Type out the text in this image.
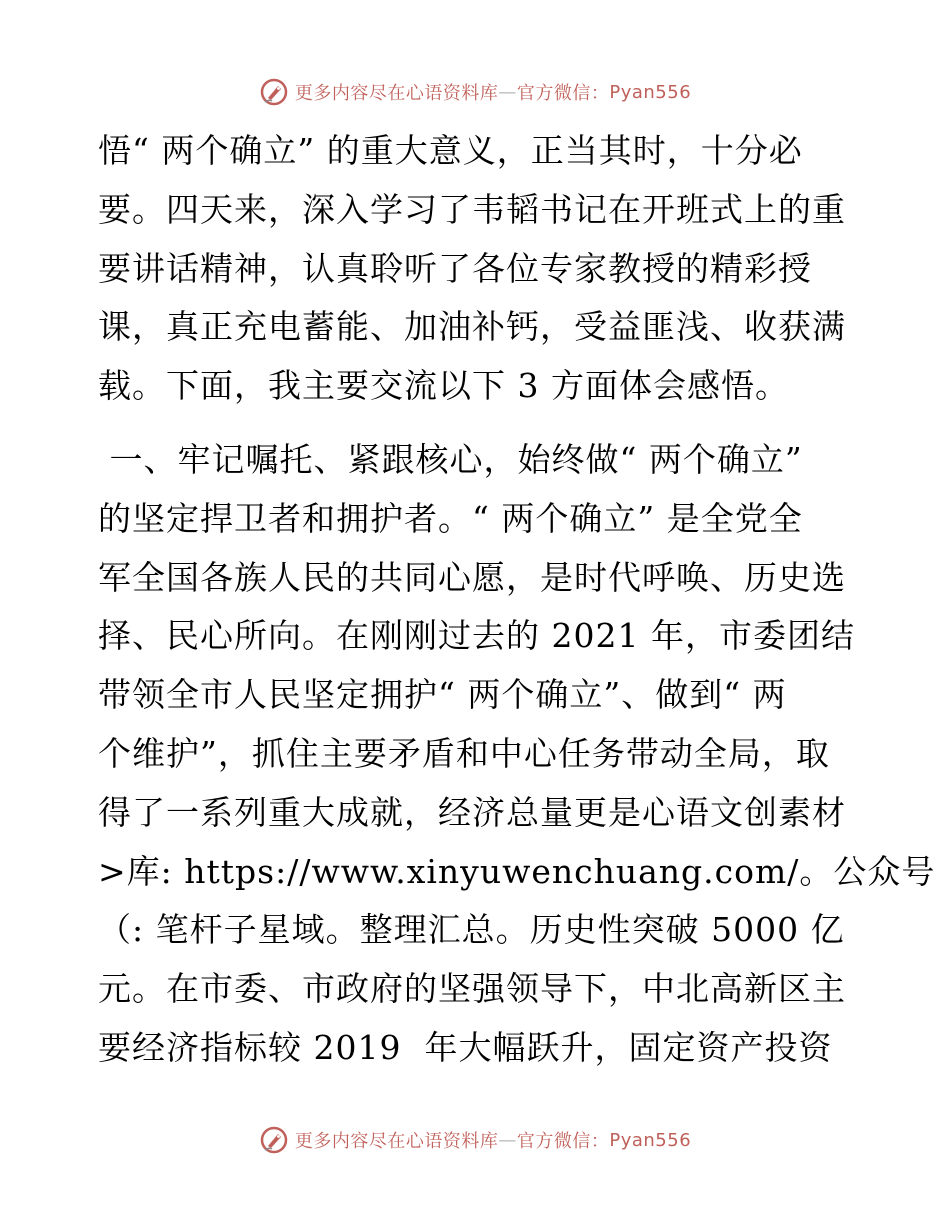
更多内容尽在心语资料库 — 官方微信： Pyan556
悟“ 两个确立” 的重大意义，正当其时，十分必
要。四天来，深入学习了韦韬书记在开班式上的重
要讲话精神，认真聆听了各位专家教授的精彩授
课，真正充电蓄能、加油补钙，受益匪浅、收获满
载。下面，我主要交流以下 3 方面体会感悟。
一、牢记嘱托、紧跟核心，始终做“ 两个确立”
的坚定捍卫者和拥护者。“ 两个确立” 是全党全
军全国各族人民的共同心愿，是时代呼唤、历史选
择、民心所向。在刚刚过去的 2021 年，市委团结
带领全市人民坚定拥护“ 两个确立”、做到“ 两
个维护”，抓住主要矛盾和中心任务带动全局，取
得了一系列重大成就，经济总量更是心语文创素材
>库: https://www.xinyuwenchuang.com/。公众号
（: 笔杆子星域。整理汇总。历史性突破 5000 亿
元。在市委、市政府的坚强领导下，中北高新区主
要经济指标较 2019  年大幅跃升，固定资产投资
更多内容尽在心语资料库 — 官方微信： Pyan556
